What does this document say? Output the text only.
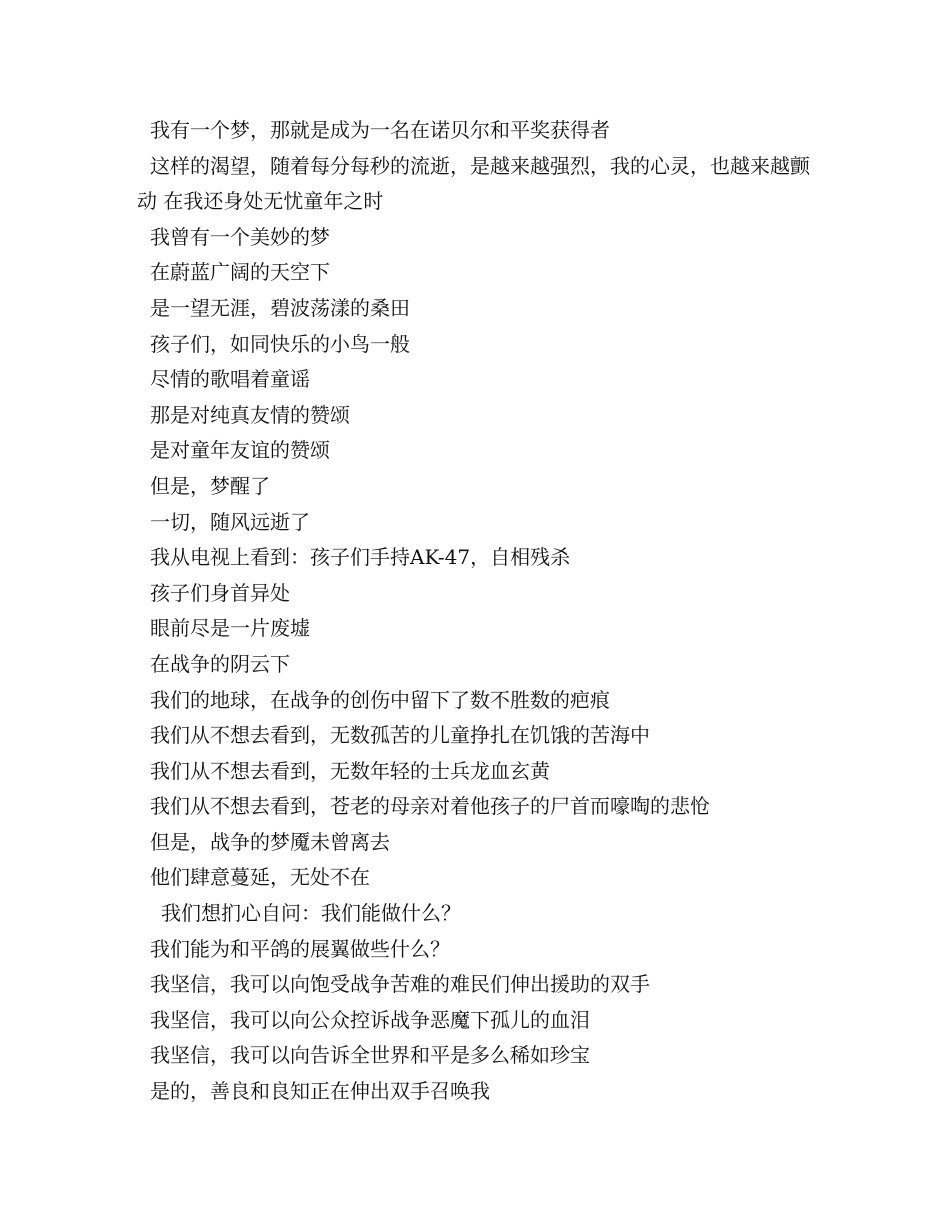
我有一个梦，那就是成为一名在诺贝尔和平奖获得者

这样的渴望，随着每分每秒的流逝，是越来越强烈，我的心灵，也越来越颤动 在我还身处无忧童年之时

我曾有一个美妙的梦

在蔚蓝广阔的天空下

是一望无涯，碧波荡漾的桑田

孩子们，如同快乐的小鸟一般

尽情的歌唱着童谣

那是对纯真友情的赞颂

是对童年友谊的赞颂

但是，梦醒了

一切，随风远逝了

我从电视上看到：孩子们手持AK-47，自相残杀

孩子们身首异处

眼前尽是一片废墟

在战争的阴云下

我们的地球，在战争的创伤中留下了数不胜数的疤痕

我们从不想去看到，无数孤苦的儿童挣扎在饥饿的苦海中

我们从不想去看到，无数年轻的士兵龙血玄黄

我们从不想去看到，苍老的母亲对着他孩子的尸首而嚎啕的悲怆

但是，战争的梦魇未曾离去

他们肆意蔓延，无处不在

我们想扪心自问：我们能做什么？

我们能为和平鸽的展翼做些什么？

我坚信，我可以向饱受战争苦难的难民们伸出援助的双手

我坚信，我可以向公众控诉战争恶魔下孤儿的血泪

我坚信，我可以向告诉全世界和平是多么稀如珍宝

是的，善良和良知正在伸出双手召唤我
